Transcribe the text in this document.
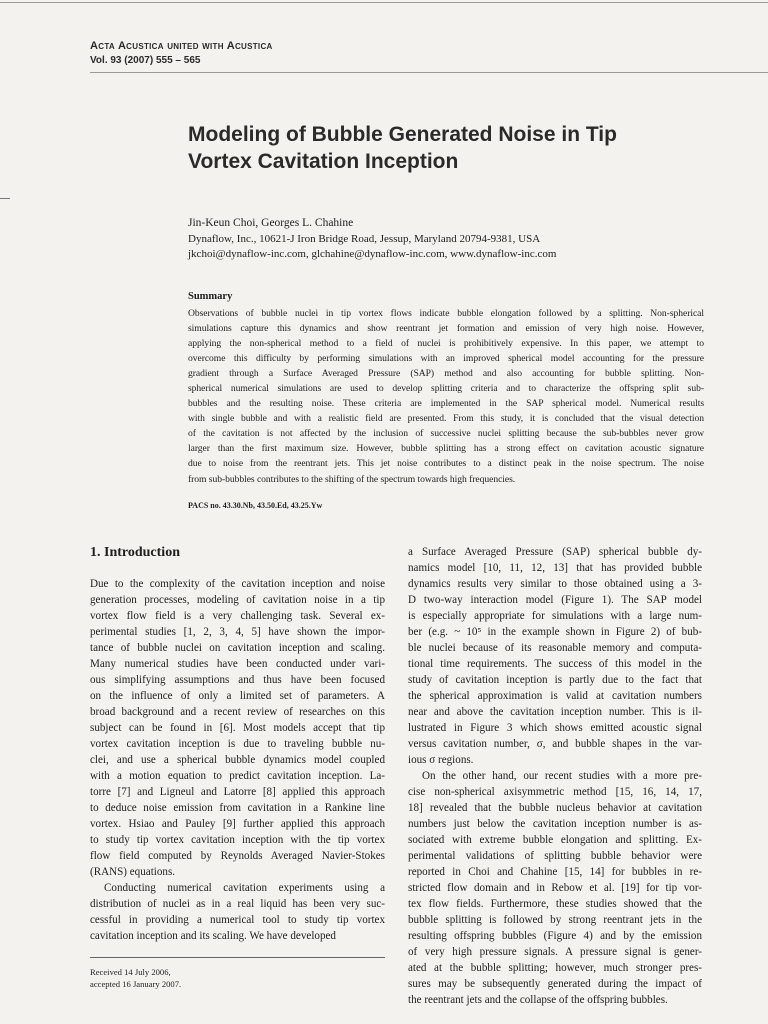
Acta Acustica united with Acustica
Vol. 93 (2007) 555 – 565
Modeling of Bubble Generated Noise in Tip
Vortex Cavitation Inception
Jin-Keun Choi, Georges L. Chahine
Dynaflow, Inc., 10621-J Iron Bridge Road, Jessup, Maryland 20794-9381, USA
jkchoi@dynaflow-inc.com, glchahine@dynaflow-inc.com, www.dynaflow-inc.com
Summary
Observations of bubble nuclei in tip vortex flows indicate bubble elongation followed by a splitting. Non-spherical
simulations capture this dynamics and show reentrant jet formation and emission of very high noise. However,
applying the non-spherical method to a field of nuclei is prohibitively expensive. In this paper, we attempt to
overcome this difficulty by performing simulations with an improved spherical model accounting for the pressure
gradient through a Surface Averaged Pressure (SAP) method and also accounting for bubble splitting. Non-
spherical numerical simulations are used to develop splitting criteria and to characterize the offspring split sub-
bubbles and the resulting noise. These criteria are implemented in the SAP spherical model. Numerical results
with single bubble and with a realistic field are presented. From this study, it is concluded that the visual detection
of the cavitation is not affected by the inclusion of successive nuclei splitting because the sub-bubbles never grow
larger than the first maximum size. However, bubble splitting has a strong effect on cavitation acoustic signature
due to noise from the reentrant jets. This jet noise contributes to a distinct peak in the noise spectrum. The noise
from sub-bubbles contributes to the shifting of the spectrum towards high frequencies.
PACS no. 43.30.Nb, 43.50.Ed, 43.25.Yw
1. Introduction
Due to the complexity of the cavitation inception and noise
generation processes, modeling of cavitation noise in a tip
vortex flow field is a very challenging task. Several ex-
perimental studies [1, 2, 3, 4, 5] have shown the impor-
tance of bubble nuclei on cavitation inception and scaling.
Many numerical studies have been conducted under vari-
ous simplifying assumptions and thus have been focused
on the influence of only a limited set of parameters. A
broad background and a recent review of researches on this
subject can be found in [6]. Most models accept that tip
vortex cavitation inception is due to traveling bubble nu-
clei, and use a spherical bubble dynamics model coupled
with a motion equation to predict cavitation inception. La-
torre [7] and Ligneul and Latorre [8] applied this approach
to deduce noise emission from cavitation in a Rankine line
vortex. Hsiao and Pauley [9] further applied this approach
to study tip vortex cavitation inception with the tip vortex
flow field computed by Reynolds Averaged Navier-Stokes
(RANS) equations.
Conducting numerical cavitation experiments using a
distribution of nuclei as in a real liquid has been very suc-
cessful in providing a numerical tool to study tip vortex
cavitation inception and its scaling. We have developed
a Surface Averaged Pressure (SAP) spherical bubble dy-
namics model [10, 11, 12, 13] that has provided bubble
dynamics results very similar to those obtained using a 3-
D two-way interaction model (Figure 1). The SAP model
is especially appropriate for simulations with a large num-
ber (e.g. ~ 10⁵ in the example shown in Figure 2) of bub-
ble nuclei because of its reasonable memory and computa-
tional time requirements. The success of this model in the
study of cavitation inception is partly due to the fact that
the spherical approximation is valid at cavitation numbers
near and above the cavitation inception number. This is il-
lustrated in Figure 3 which shows emitted acoustic signal
versus cavitation number, σ, and bubble shapes in the var-
ious σ regions.
On the other hand, our recent studies with a more pre-
cise non-spherical axisymmetric method [15, 16, 14, 17,
18] revealed that the bubble nucleus behavior at cavitation
numbers just below the cavitation inception number is as-
sociated with extreme bubble elongation and splitting. Ex-
perimental validations of splitting bubble behavior were
reported in Choi and Chahine [15, 14] for bubbles in re-
stricted flow domain and in Rebow et al. [19] for tip vor-
tex flow fields. Furthermore, these studies showed that the
bubble splitting is followed by strong reentrant jets in the
resulting offspring bubbles (Figure 4) and by the emission
of very high pressure signals. A pressure signal is gener-
ated at the bubble splitting; however, much stronger pres-
sures may be subsequently generated during the impact of
the reentrant jets and the collapse of the offspring bubbles.
Received 14 July 2006,
accepted 16 January 2007.
